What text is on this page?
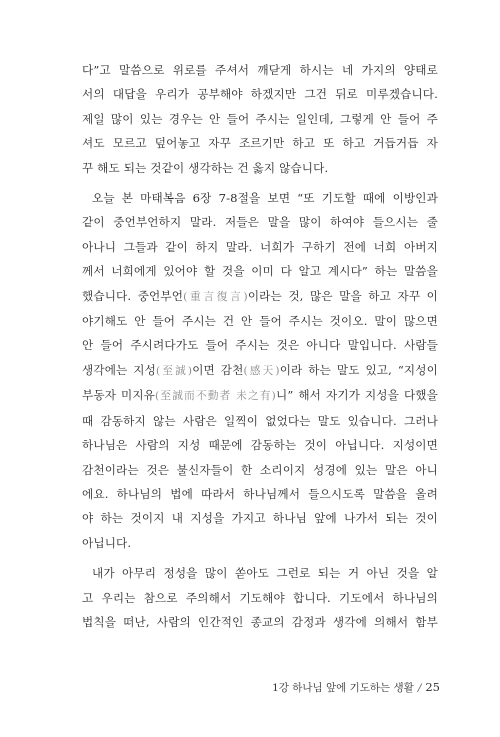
다”고 말씀으로 위로를 주셔서 깨닫게 하시는 네 가지의 양태로
서의 대답을 우리가 공부해야 하겠지만 그건 뒤로 미루겠습니다.
제일 많이 있는 경우는 안 들어 주시는 일인데, 그렇게 안 들어 주
셔도 모르고 덮어놓고 자꾸 조르기만 하고 또 하고 거듭거듭 자
꾸 해도 되는 것같이 생각하는 건 옳지 않습니다.
오늘 본 마태복음 6장 7-8절을 보면 “또 기도할 때에 이방인과
같이 중언부언하지 말라. 저들은 말을 많이 하여야 들으시는 줄
아나니 그들과 같이 하지 말라. 너희가 구하기 전에 너희 아버지
께서 너희에게 있어야 할 것을 이미 다 알고 계시다” 하는 말씀을
했습니다. 중언부언(重言復言)이라는 것, 많은 말을 하고 자꾸 이
야기해도 안 들어 주시는 건 안 들어 주시는 것이오. 말이 많으면
안 들어 주시려다가도 들어 주시는 것은 아니다 말입니다. 사람들
생각에는 지성(至誠)이면 감천(感天)이라 하는 말도 있고, “지성이
부동자 미지유(至誠而不動者 未之有)니” 해서 자기가 지성을 다했을
때 감동하지 않는 사람은 일찍이 없었다는 말도 있습니다. 그러나
하나님은 사람의 지성 때문에 감동하는 것이 아닙니다. 지성이면
감천이라는 것은 불신자들이 한 소리이지 성경에 있는 말은 아니
에요. 하나님의 법에 따라서 하나님께서 들으시도록 말씀을 올려
야 하는 것이지 내 지성을 가지고 하나님 앞에 나가서 되는 것이
아닙니다.
내가 아무리 정성을 많이 쏟아도 그런로 되는 거 아닌 것을 알
고 우리는 참으로 주의해서 기도해야 합니다. 기도에서 하나님의
법칙을 떠난, 사람의 인간적인 종교의 감정과 생각에 의해서 함부
1강 하나님 앞에 기도하는 생활 / 25
